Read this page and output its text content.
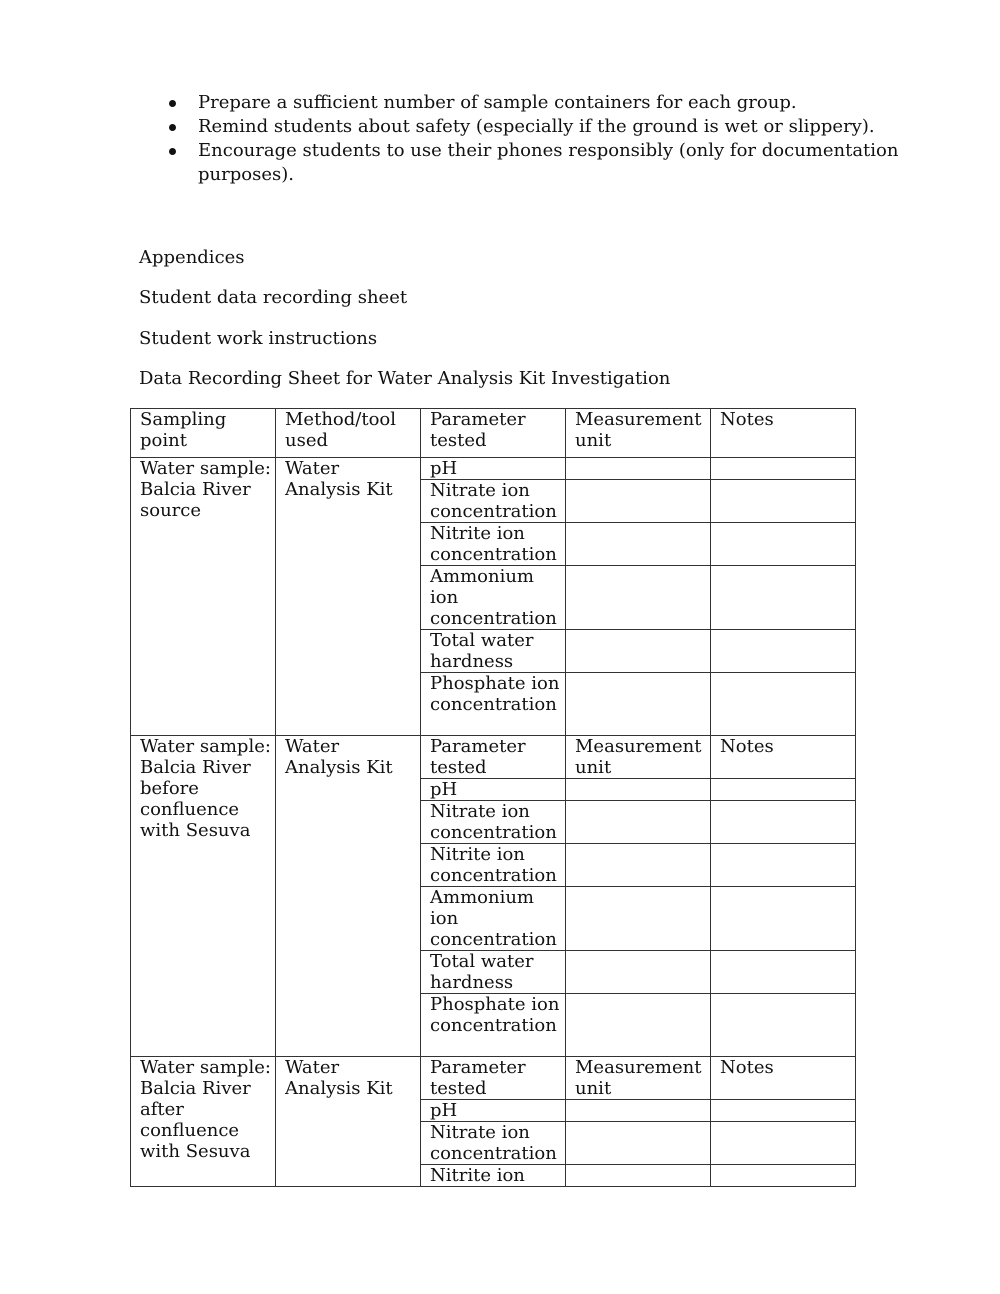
Prepare a sufficient number of sample containers for each group.
Remind students about safety (especially if the ground is wet or slippery).
Encourage students to use their phones responsibly (only for documentation purposes).

Appendices

Student data recording sheet

Student work instructions

Data Recording Sheet for Water Analysis Kit Investigation

Sampling point	Method/tool used	Parameter tested	Measurement unit	Notes
Water sample: Balcia River source	Water Analysis Kit	pH		
		Nitrate ion concentration		
		Nitrite ion concentration		
		Ammonium ion concentration		
		Total water hardness		
		Phosphate ion concentration		
Water sample: Balcia River before confluence with Sesuva	Water Analysis Kit	Parameter tested	Measurement unit	Notes
		pH		
		Nitrate ion concentration		
		Nitrite ion concentration		
		Ammonium ion concentration		
		Total water hardness		
		Phosphate ion concentration		
Water sample: Balcia River after confluence with Sesuva	Water Analysis Kit	Parameter tested	Measurement unit	Notes
		pH		
		Nitrate ion concentration		
		Nitrite ion		
